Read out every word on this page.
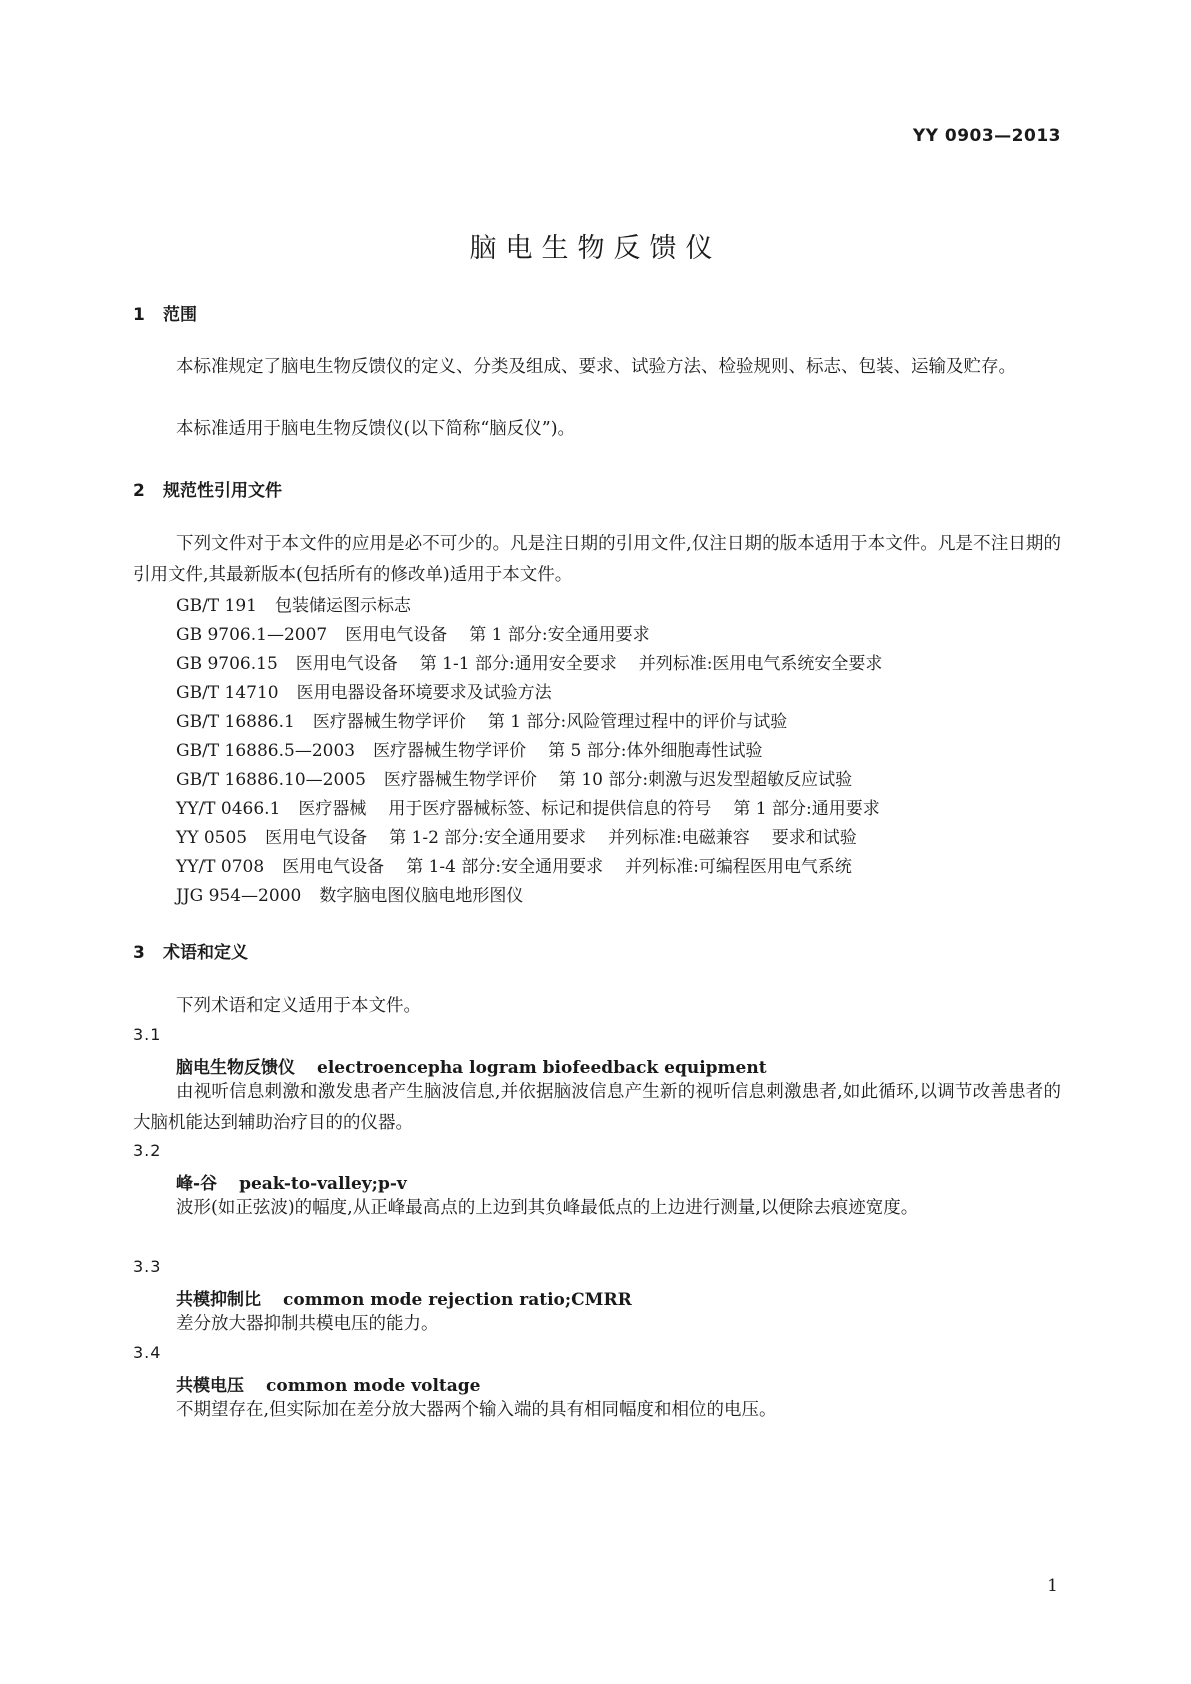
YY 0903—2013
脑电生物反馈仪
1 范围
本标准规定了脑电生物反馈仪的定义、分类及组成、要求、试验方法、检验规则、标志、包装、运输及贮存。
本标准适用于脑电生物反馈仪(以下简称“脑反仪”)。
2 规范性引用文件
下列文件对于本文件的应用是必不可少的。凡是注日期的引用文件,仅注日期的版本适用于本文件。凡是不注日期的引用文件,其最新版本(包括所有的修改单)适用于本文件。
GB/T 191 包装储运图示标志
GB 9706.1—2007 医用电气设备 第 1 部分:安全通用要求
GB 9706.15 医用电气设备 第 1-1 部分:通用安全要求 并列标准:医用电气系统安全要求
GB/T 14710 医用电器设备环境要求及试验方法
GB/T 16886.1 医疗器械生物学评价 第 1 部分:风险管理过程中的评价与试验
GB/T 16886.5—2003 医疗器械生物学评价 第 5 部分:体外细胞毒性试验
GB/T 16886.10—2005 医疗器械生物学评价 第 10 部分:刺激与迟发型超敏反应试验
YY/T 0466.1 医疗器械 用于医疗器械标签、标记和提供信息的符号 第 1 部分:通用要求
YY 0505 医用电气设备 第 1-2 部分:安全通用要求 并列标准:电磁兼容 要求和试验
YY/T 0708 医用电气设备 第 1-4 部分:安全通用要求 并列标准:可编程医用电气系统
JJG 954—2000 数字脑电图仪脑电地形图仪
3 术语和定义
下列术语和定义适用于本文件。
3.1
脑电生物反馈仪 electroencepha logram biofeedback equipment
由视听信息刺激和激发患者产生脑波信息,并依据脑波信息产生新的视听信息刺激患者,如此循环,以调节改善患者的大脑机能达到辅助治疗目的的仪器。
3.2
峰-谷 peak-to-valley;p-v
波形(如正弦波)的幅度,从正峰最高点的上边到其负峰最低点的上边进行测量,以便除去痕迹宽度。
3.3
共模抑制比 common mode rejection ratio;CMRR
差分放大器抑制共模电压的能力。
3.4
共模电压 common mode voltage
不期望存在,但实际加在差分放大器两个输入端的具有相同幅度和相位的电压。
1
